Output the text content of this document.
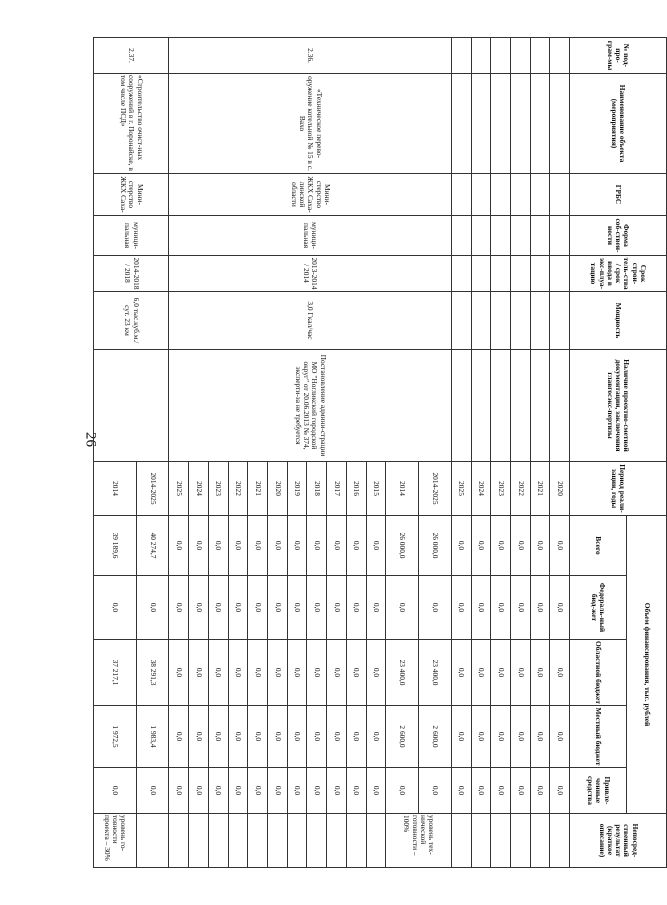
26
№ под-про-грам-мы	Наименование объекта (мероприятия)	ГРБС	Форма соб-ствен-ности	Срок строи-тель-ства / срок ввода в экс-плуа-тацию	Мощность	Наличие проектно-сметной документации, заключения главгосэкс-пертизы	Период реали-зации, годы	Объем финансирования, тыс. рублей					Непосред-ственный результат (краткое описание)
								Всего	Федераль-ный бюд-жет	Областной бюджет	Местный бюджет	Привле-ченные средства	
							2020	0,0	0,0	0,0	0,0	0,0	
							2021	0,0	0,0	0,0	0,0	0,0	
							2022	0,0	0,0	0,0	0,0	0,0	
							2023	0,0	0,0	0,0	0,0	0,0	
							2024	0,0	0,0	0,0	0,0	0,0	
							2025	0,0	0,0	0,0	0,0	0,0	
2.36.	«Техническое перево-оружение котельной № 15 в с. Вахо	Мини-стерство ЖКХ Саха-линской области	муници-пальная	2013-2014 / 2014	3,0 Гкал/час	Постановление админи-страции МО "Ногликский городской округ" от 20.06.2013 № 374, эксперти-за не требуется	2014-2025	26 000,0	0,0	23 400,0	2 600,0	0,0	уровень тех-нической готовности – 100%
							2014	26 000,0	0,0	23 400,0	2 600,0	0,0	
							2015	0,0	0,0	0,0	0,0	0,0	
							2016	0,0	0,0	0,0	0,0	0,0	
							2017	0,0	0,0	0,0	0,0	0,0	
							2018	0,0	0,0	0,0	0,0	0,0	
							2019	0,0	0,0	0,0	0,0	0,0	
							2020	0,0	0,0	0,0	0,0	0,0	
							2021	0,0	0,0	0,0	0,0	0,0	
							2022	0,0	0,0	0,0	0,0	0,0	
							2023	0,0	0,0	0,0	0,0	0,0	
							2024	0,0	0,0	0,0	0,0	0,0	
							2025	0,0	0,0	0,0	0,0	0,0	
2.37.	«Строительство очист-ных сооружений в г. Поронайске, в том числе ПСД»	Мини-стерство ЖКХ Саха-	муници-пальная	2014-2018 / 2018	6,0 тыс.куб.м./сут. 23 км		2014-2025	40 274,7	0,0	38 291,3	1 983,4	0,0	
							2014	39 189,6	0,0	37 217,1	1 972,5	0,0	уровень го-товности проекта – 30%
